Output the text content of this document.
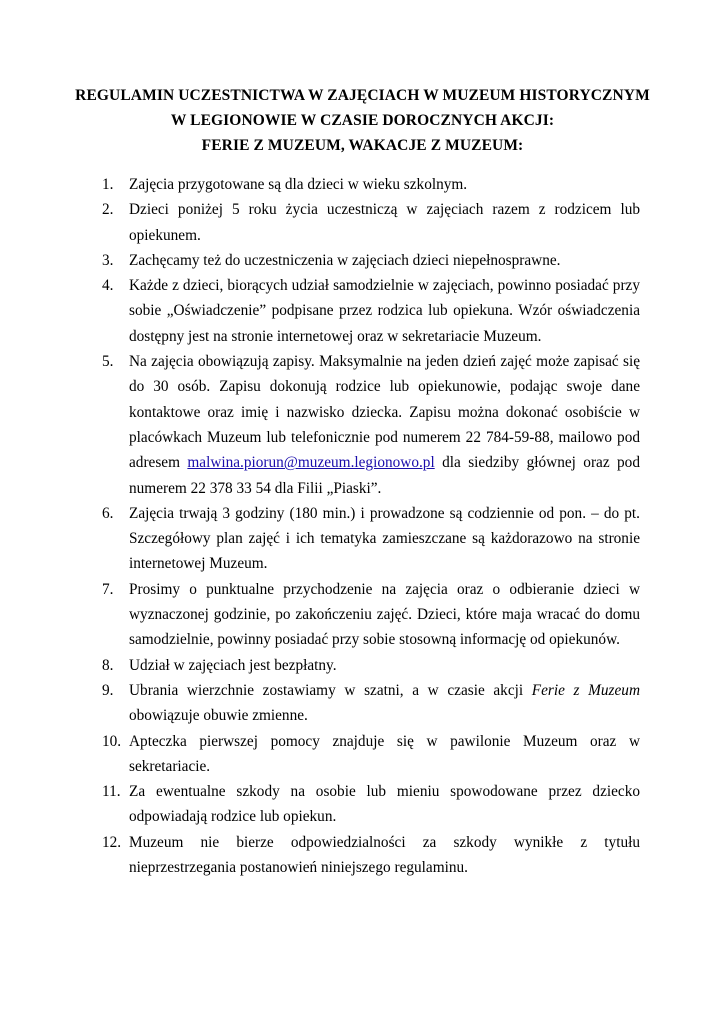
REGULAMIN UCZESTNICTWA W ZAJĘCIACH W MUZEUM HISTORYCZNYM
W LEGIONOWIE W CZASIE DOROCZNYCH AKCJI:
FERIE Z MUZEUM, WAKACJE Z MUZEUM:
1.	Zajęcia przygotowane są dla dzieci w wieku szkolnym.
2.	Dzieci poniżej 5 roku życia uczestniczą w zajęciach razem z rodzicem lub opiekunem.
3.	Zachęcamy też do uczestniczenia w zajęciach dzieci niepełnosprawne.
4.	Każde z dzieci, biorących udział samodzielnie w zajęciach, powinno posiadać przy sobie „Oświadczenie” podpisane przez rodzica lub opiekuna. Wzór oświadczenia dostępny jest na stronie internetowej oraz w sekretariacie Muzeum.
5.	Na zajęcia obowiązują zapisy. Maksymalnie na jeden dzień zajęć może zapisać się do 30 osób. Zapisu dokonują rodzice lub opiekunowie, podając swoje dane kontaktowe oraz imię i nazwisko dziecka. Zapisu można dokonać osobiście w placówkach Muzeum lub telefonicznie pod numerem 22 784-59-88, mailowo pod adresem malwina.piorun@muzeum.legionowo.pl dla siedziby głównej oraz pod numerem 22 378 33 54 dla Filii „Piaski”.
6.	Zajęcia trwają 3 godziny (180 min.) i prowadzone są codziennie od pon. – do pt. Szczegółowy plan zajęć i ich tematyka zamieszczane są każdorazowo na stronie internetowej Muzeum.
7.	Prosimy o punktualne przychodzenie na zajęcia oraz o odbieranie dzieci w wyznaczonej godzinie, po zakończeniu zajęć. Dzieci, które maja wracać do domu samodzielnie, powinny posiadać przy sobie stosowną informację od opiekunów.
8.	Udział w zajęciach jest bezpłatny.
9.	Ubrania wierzchnie zostawiamy w szatni, a w czasie akcji Ferie z Muzeum obowiązuje obuwie zmienne.
10. Apteczka pierwszej pomocy znajduje się w pawilonie Muzeum oraz w sekretariacie.
11. Za ewentualne szkody na osobie lub mieniu spowodowane przez dziecko odpowiadają rodzice lub opiekun.
12. Muzeum nie bierze odpowiedzialności za szkody wynikłe z tytułu nieprzestrzegania postanowień niniejszego regulaminu.
